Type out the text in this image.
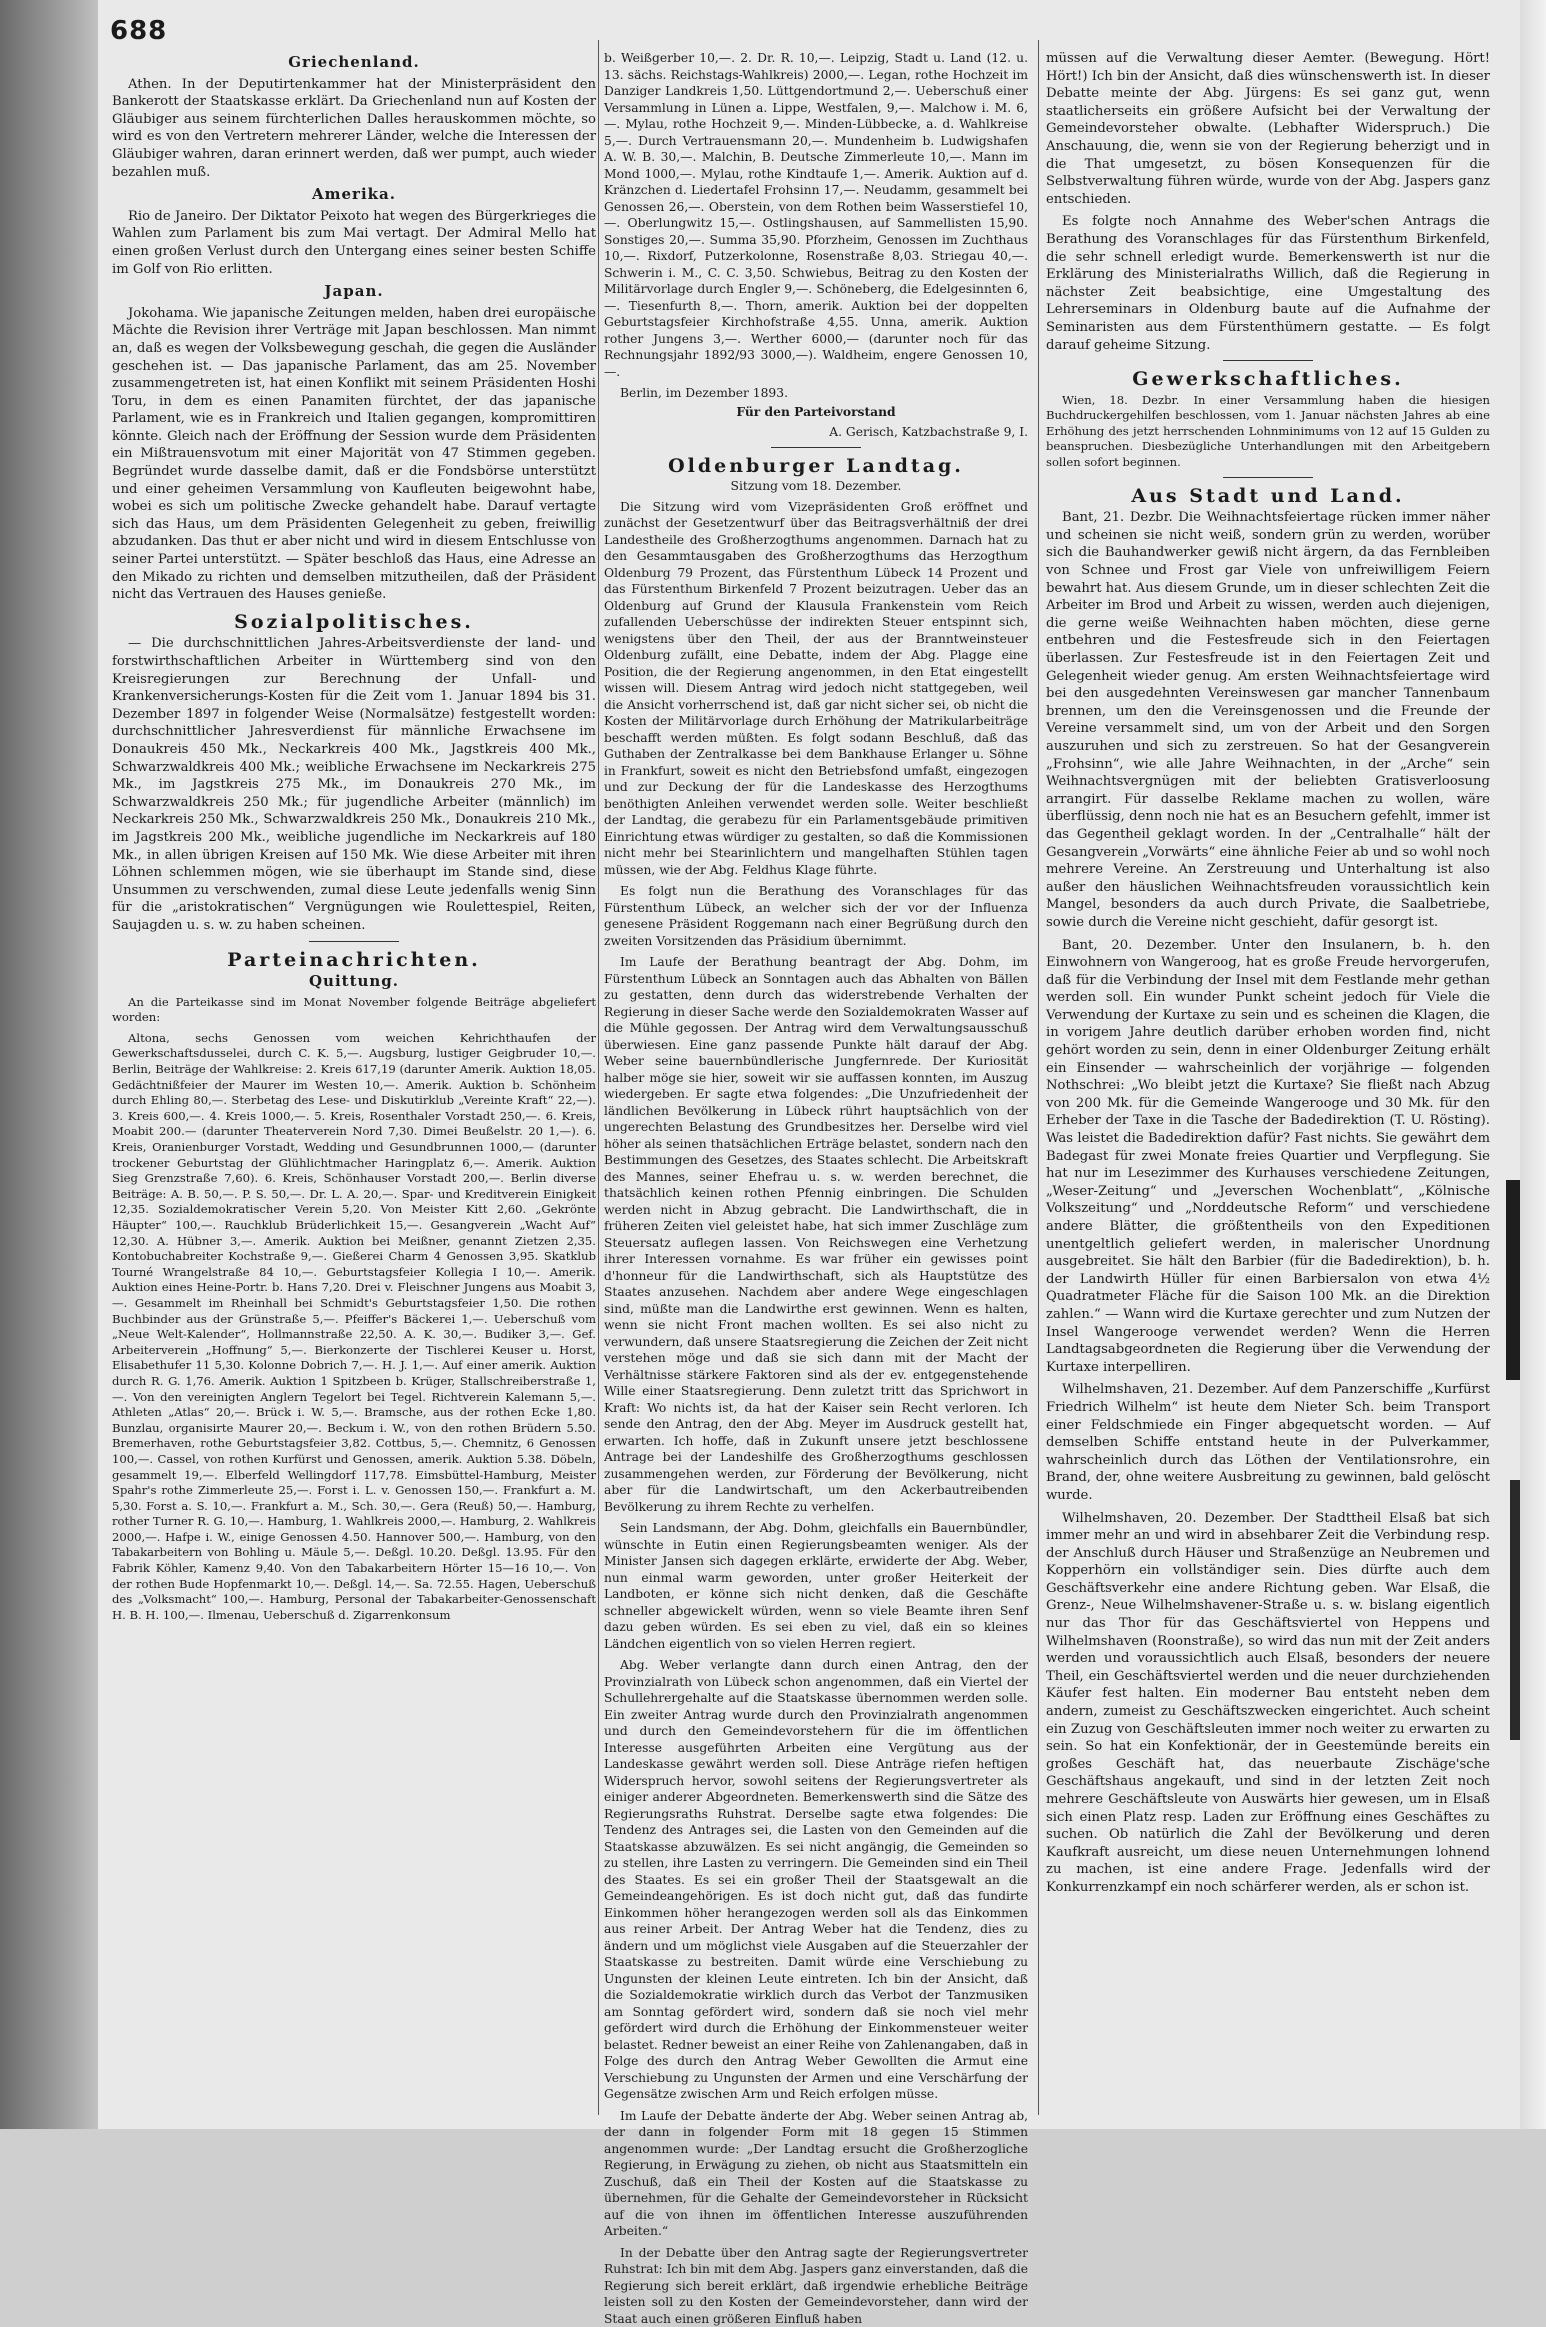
688
Griechenland.

Athen. In der Deputirtenkammer hat der Ministerpräsident den Bankerott der Staatskasse erklärt. Da Griechenland nun auf Kosten der Gläubiger aus seinem fürchterlichen Dalles herauskommen möchte, so wird es von den Vertretern mehrerer Länder, welche die Interessen der Gläubiger wahren, daran erinnert werden, daß wer pumpt, auch wieder bezahlen muß.

Amerika.

Rio de Janeiro. Der Diktator Peixoto hat wegen des Bürgerkrieges die Wahlen zum Parlament bis zum Mai vertagt. Der Admiral Mello hat einen großen Verlust durch den Untergang eines seiner besten Schiffe im Golf von Rio erlitten.

Japan.

Jokohama. Wie japanische Zeitungen melden, haben drei europäische Mächte die Revision ihrer Verträge mit Japan beschlossen. Man nimmt an, daß es wegen der Volksbewegung geschah, die gegen die Ausländer geschehen ist. — Das japanische Parlament, das am 25. November zusammengetreten ist, hat einen Konflikt mit seinem Präsidenten Hoshi Toru, in dem es einen Panamiten fürchtet, der das japanische Parlament, wie es in Frankreich und Italien gegangen, kompromittiren könnte. Gleich nach der Eröffnung der Session wurde dem Präsidenten ein Mißtrauensvotum mit einer Majorität von 47 Stimmen gegeben. Begründet wurde dasselbe damit, daß er die Fondsbörse unterstützt und einer geheimen Versammlung von Kaufleuten beigewohnt habe, wobei es sich um politische Zwecke gehandelt habe. Darauf vertagte sich das Haus, um dem Präsidenten Gelegenheit zu geben, freiwillig abzudanken. Das thut er aber nicht und wird in diesem Entschlusse von seiner Partei unterstützt. — Später beschloß das Haus, eine Adresse an den Mikado zu richten und demselben mitzutheilen, daß der Präsident nicht das Vertrauen des Hauses genieße.

Sozialpolitisches.

— Die durchschnittlichen Jahres-Arbeitsverdienste der land- und forstwirthschaftlichen Arbeiter in Württemberg sind von den Kreisregierungen zur Berechnung der Unfall- und Krankenversicherungs-Kosten für die Zeit vom 1. Januar 1894 bis 31. Dezember 1897 in folgender Weise (Normalsätze) festgestellt worden: durchschnittlicher Jahresverdienst für männliche Erwachsene im Donaukreis 450 Mk., Neckarkreis 400 Mk., Jagstkreis 400 Mk., Schwarzwaldkreis 400 Mk.; weibliche Erwachsene im Neckarkreis 275 Mk., im Jagstkreis 275 Mk., im Donaukreis 270 Mk., im Schwarzwaldkreis 250 Mk.; für jugendliche Arbeiter (männlich) im Neckarkreis 250 Mk., Schwarzwaldkreis 250 Mk., Donaukreis 210 Mk., im Jagstkreis 200 Mk., weibliche jugendliche im Neckarkreis auf 180 Mk., in allen übrigen Kreisen auf 150 Mk. Wie diese Arbeiter mit ihren Löhnen schlemmen mögen, wie sie überhaupt im Stande sind, diese Unsummen zu verschwenden, zumal diese Leute jedenfalls wenig Sinn für die „aristokratischen“ Vergnügungen wie Roulettespiel, Reiten, Saujagden u. s. w. zu haben scheinen.

Parteinachrichten.
Quittung.

An die Parteikasse sind im Monat November folgende Beiträge abgeliefert worden:

Altona, sechs Genossen vom weichen Kehrichthaufen der Gewerkschaftsdusselei, durch C. K. 5,—. Augsburg, lustiger Geigbruder 10,—. Berlin, Beiträge der Wahlkreise: 2. Kreis 617,19 (darunter Amerik. Auktion 18,05. Gedächtnißfeier der Maurer im Westen 10,—. Amerik. Auktion b. Schönheim durch Ehling 80,—. Sterbetag des Lese- und Diskutirklub „Vereinte Kraft“ 22,—). 3. Kreis 600,—. 4. Kreis 1000,—. 5. Kreis, Rosenthaler Vorstadt 250,—. 6. Kreis, Moabit 200.— (darunter Theaterverein Nord 7,30. Dimei Beußelstr. 20 1,—). 6. Kreis, Oranienburger Vorstadt, Wedding und Gesundbrunnen 1000,— (darunter trockener Geburtstag der Glühlichtmacher Haringplatz 6,—. Amerik. Auktion Sieg Grenzstraße 7,60). 6. Kreis, Schönhauser Vorstadt 200,—. Berlin diverse Beiträge: A. B. 50,—. P. S. 50,—. Dr. L. A. 20,—. Spar- und Kreditverein Einigkeit 12,35. Sozialdemokratischer Verein 5,20. Von Meister Kitt 2,60. „Gekrönte Häupter“ 100,—. Rauchklub Brüderlichkeit 15,—. Gesangverein „Wacht Auf“ 12,30. A. Hübner 3,—. Amerik. Auktion bei Meißner, genannt Zietzen 2,35. Kontobuchabreiter Kochstraße 9,—. Gießerei Charm 4 Genossen 3,95. Skatklub Tourné Wrangelstraße 84 10,—. Geburtstagsfeier Kollegia I 10,—. Amerik. Auktion eines Heine-Portr. b. Hans 7,20. Drei v. Fleischner Jungens aus Moabit 3,—. Gesammelt im Rheinhall bei Schmidt's Geburtstagsfeier 1,50. Die rothen Buchbinder aus der Grünstraße 5,—. Pfeiffer's Bäckerei 1,—. Ueberschuß vom „Neue Welt-Kalender“, Hollmannstraße 22,50. A. K. 30,—. Budiker 3,—. Gef. Arbeiterverein „Hoffnung“ 5,—. Bierkonzerte der Tischlerei Keuser u. Horst, Elisabethufer 11 5,30. Kolonne Dobrich 7,—. H. J. 1,—. Auf einer amerik. Auktion durch R. G. 1,76. Amerik. Auktion 1 Spitzbeen b. Krüger, Stallschreiberstraße 1,—. Von den vereinigten Anglern Tegelort bei Tegel. Richtverein Kalemann 5,—. Athleten „Atlas“ 20,—. Brück i. W. 5,—. Bramsche, aus der rothen Ecke 1,80. Bunzlau, organisirte Maurer 20,—. Beckum i. W., von den rothen Brüdern 5.50. Bremerhaven, rothe Geburtstagsfeier 3,82. Cottbus, 5,—. Chemnitz, 6 Genossen 100,—. Cassel, von rothen Kurfürst und Genossen, amerik. Auktion 5.38. Döbeln, gesammelt 19,—. Elberfeld Wellingdorf 117,78. Eimsbüttel-Hamburg, Meister Spahr's rothe Zimmerleute 25,—. Forst i. L. v. Genossen 150,—. Frankfurt a. M. 5,30. Forst a. S. 10,—. Frankfurt a. M., Sch. 30,—. Gera (Reuß) 50,—. Hamburg, rother Turner R. G. 10,—. Hamburg, 1. Wahlkreis 2000,—. Hamburg, 2. Wahlkreis 2000,—. Hafpe i. W., einige Genossen 4.50. Hannover 500,—. Hamburg, von den Tabakarbeitern von Bohling u. Mäule 5,—. Deßgl. 10.20. Deßgl. 13.95. Für den Fabrik Köhler, Kamenz 9,40. Von den Tabakarbeitern Hörter 15—16 10,—. Von der rothen Bude Hopfenmarkt 10,—. Deßgl. 14,—. Sa. 72.55. Hagen, Ueberschuß des „Volksmacht“ 100,—. Hamburg, Personal der Tabakarbeiter-Genossenschaft H. B. H. 100,—. Ilmenau, Ueberschuß d. Zigarrenkonsum

b. Weißgerber 10,—. 2. Dr. R. 10,—. Leipzig, Stadt u. Land (12. u. 13. sächs. Reichstags-Wahlkreis) 2000,—. Legan, rothe Hochzeit im Danziger Landkreis 1,50. Lüttgendortmund 2,—. Ueberschuß einer Versammlung in Lünen a. Lippe, Westfalen, 9,—. Malchow i. M. 6,—. Mylau, rothe Hochzeit 9,—. Minden-Lübbecke, a. d. Wahlkreise 5,—. Durch Vertrauensmann 20,—. Mundenheim b. Ludwigshafen A. W. B. 30,—. Malchin, B. Deutsche Zimmerleute 10,—. Mann im Mond 1000,—. Mylau, rothe Kindtaufe 1,—. Amerik. Auktion auf d. Kränzchen d. Liedertafel Frohsinn 17,—. Neudamm, gesammelt bei Genossen 26,—. Oberstein, von dem Rothen beim Wasserstiefel 10,—. Oberlungwitz 15,—. Ostlingshausen, auf Sammellisten 15,90. Sonstiges 20,—. Summa 35,90. Pforzheim, Genossen im Zuchthaus 10,—. Rixdorf, Putzerkolonne, Rosenstraße 8,03. Striegau 40,—. Schwerin i. M., C. C. 3,50. Schwiebus, Beitrag zu den Kosten der Militärvorlage durch Engler 9,—. Schöneberg, die Edelgesinnten 6,—. Tiesenfurth 8,—. Thorn, amerik. Auktion bei der doppelten Geburtstagsfeier Kirchhofstraße 4,55. Unna, amerik. Auktion rother Jungens 3,—. Werther 6000,— (darunter noch für das Rechnungsjahr 1892/93 3000,—). Waldheim, engere Genossen 10,—.

Berlin, im Dezember 1893.
Für den Parteivorstand
A. Gerisch, Katzbachstraße 9, I.
Oldenburger Landtag.
Sitzung vom 18. Dezember.

Die Sitzung wird vom Vizepräsidenten Groß eröffnet und zunächst der Gesetzentwurf über das Beitragsverhältniß der drei Landestheile des Großherzogthums angenommen. Darnach hat zu den Gesammtausgaben des Großherzogthums das Herzogthum Oldenburg 79 Prozent, das Fürstenthum Lübeck 14 Prozent und das Fürstenthum Birkenfeld 7 Prozent beizutragen. Ueber das an Oldenburg auf Grund der Klausula Frankenstein vom Reich zufallenden Ueberschüsse der indirekten Steuer entspinnt sich, wenigstens über den Theil, der aus der Branntweinsteuer Oldenburg zufällt, eine Debatte, indem der Abg. Plagge eine Position, die der Regierung angenommen, in den Etat eingestellt wissen will. Diesem Antrag wird jedoch nicht stattgegeben, weil die Ansicht vorherrschend ist, daß gar nicht sicher sei, ob nicht die Kosten der Militärvorlage durch Erhöhung der Matrikularbeiträge beschafft werden müßten. Es folgt sodann Beschluß, daß das Guthaben der Zentralkasse bei dem Bankhause Erlanger u. Söhne in Frankfurt, soweit es nicht den Betriebsfond umfaßt, eingezogen und zur Deckung der für die Landeskasse des Herzogthums benöthigten Anleihen verwendet werden solle. Weiter beschließt der Landtag, die gerabezu für ein Parlamentsgebäude primitiven Einrichtung etwas würdiger zu gestalten, so daß die Kommissionen nicht mehr bei Stearinlichtern und mangelhaften Stühlen tagen müssen, wie der Abg. Feldhus Klage führte.

Es folgt nun die Berathung des Voranschlages für das Fürstenthum Lübeck, an welcher sich der vor der Influenza genesene Präsident Roggemann nach einer Begrüßung durch den zweiten Vorsitzenden das Präsidium übernimmt.

Im Laufe der Berathung beantragt der Abg. Dohm, im Fürstenthum Lübeck an Sonntagen auch das Abhalten von Bällen zu gestatten, denn durch das widerstrebende Verhalten der Regierung in dieser Sache werde den Sozialdemokraten Wasser auf die Mühle gegossen. Der Antrag wird dem Verwaltungsausschuß überwiesen. Eine ganz passende Punkte hält darauf der Abg. Weber seine bauernbündlerische Jungfernrede. Der Kuriosität halber möge sie hier, soweit wir sie auffassen konnten, im Auszug wiedergeben. Er sagte etwa folgendes: „Die Unzufriedenheit der ländlichen Bevölkerung in Lübeck rührt hauptsächlich von der ungerechten Belastung des Grundbesitzes her. Derselbe wird viel höher als seinen thatsächlichen Erträge belastet, sondern nach den Bestimmungen des Gesetzes, des Staates schlecht. Die Arbeitskraft des Mannes, seiner Ehefrau u. s. w. werden berechnet, die thatsächlich keinen rothen Pfennig einbringen. Die Schulden werden nicht in Abzug gebracht. Die Landwirthschaft, die in früheren Zeiten viel geleistet habe, hat sich immer Zuschläge zum Steuersatz auflegen lassen. Von Reichswegen eine Verhetzung ihrer Interessen vornahme. Es war früher ein gewisses point d'honneur für die Landwirthschaft, sich als Hauptstütze des Staates anzusehen. Nachdem aber andere Wege eingeschlagen sind, müßte man die Landwirthe erst gewinnen. Wenn es halten, wenn sie nicht Front machen wollten. Es sei also nicht zu verwundern, daß unsere Staatsregierung die Zeichen der Zeit nicht verstehen möge und daß sie sich dann mit der Macht der Verhältnisse stärkere Faktoren sind als der ev. entgegenstehende Wille einer Staatsregierung. Denn zuletzt tritt das Sprichwort in Kraft: Wo nichts ist, da hat der Kaiser sein Recht verloren. Ich sende den Antrag, den der Abg. Meyer im Ausdruck gestellt hat, erwarten. Ich hoffe, daß in Zukunft unsere jetzt beschlossene Antrage bei der Landeshilfe des Großherzogthums geschlossen zusammengehen werden, zur Förderung der Bevölkerung, nicht aber für die Landwirtschaft, um den Ackerbautreibenden Bevölkerung zu ihrem Rechte zu verhelfen.

Sein Landsmann, der Abg. Dohm, gleichfalls ein Bauernbündler, wünschte in Eutin einen Regierungsbeamten weniger. Als der Minister Jansen sich dagegen erklärte, erwiderte der Abg. Weber, nun einmal warm geworden, unter großer Heiterkeit der Landboten, er könne sich nicht denken, daß die Geschäfte schneller abgewickelt würden, wenn so viele Beamte ihren Senf dazu geben würden. Es sei eben zu viel, daß ein so kleines Ländchen eigentlich von so vielen Herren regiert.

Abg. Weber verlangte dann durch einen Antrag, den der Provinzialrath von Lübeck schon angenommen, daß ein Viertel der Schullehrergehalte auf die Staatskasse übernommen werden solle. Ein zweiter Antrag wurde durch den Provinzialrath angenommen und durch den Gemeindevorstehern für die im öffentlichen Interesse ausgeführten Arbeiten eine Vergütung aus der Landeskasse gewährt werden soll. Diese Anträge riefen heftigen Widerspruch hervor, sowohl seitens der Regierungsvertreter als einiger anderer Abgeordneten. Bemerkenswerth sind die Sätze des Regierungsraths Ruhstrat. Derselbe sagte etwa folgendes: Die Tendenz des Antrages sei, die Lasten von den Gemeinden auf die Staatskasse abzuwälzen. Es sei nicht angängig, die Gemeinden so zu stellen, ihre Lasten zu verringern. Die Gemeinden sind ein Theil des Staates. Es sei ein großer Theil der Staatsgewalt an die Gemeindeangehörigen. Es ist doch nicht gut, daß das fundirte Einkommen höher herangezogen werden soll als das Einkommen aus reiner Arbeit. Der Antrag Weber hat die Tendenz, dies zu ändern und um möglichst viele Ausgaben auf die Steuerzahler der Staatskasse zu bestreiten. Damit würde eine Verschiebung zu Ungunsten der kleinen Leute eintreten. Ich bin der Ansicht, daß die Sozialdemokratie wirklich durch das Verbot der Tanzmusiken am Sonntag gefördert wird, sondern daß sie noch viel mehr gefördert wird durch die Erhöhung der Einkommensteuer weiter belastet. Redner beweist an einer Reihe von Zahlenangaben, daß in Folge des durch den Antrag Weber Gewollten die Armut eine Verschiebung zu Ungunsten der Armen und eine Verschärfung der Gegensätze zwischen Arm und Reich erfolgen müsse.

Im Laufe der Debatte änderte der Abg. Weber seinen Antrag ab, der dann in folgender Form mit 18 gegen 15 Stimmen angenommen wurde: „Der Landtag ersucht die Großherzogliche Regierung, in Erwägung zu ziehen, ob nicht aus Staatsmitteln ein Zuschuß, daß ein Theil der Kosten auf die Staatskasse zu übernehmen, für die Gehalte der Gemeindevorsteher in Rücksicht auf die von ihnen im öffentlichen Interesse auszuführenden Arbeiten.“

In der Debatte über den Antrag sagte der Regierungsvertreter Ruhstrat: Ich bin mit dem Abg. Jaspers ganz einverstanden, daß die Regierung sich bereit erklärt, daß irgendwie erhebliche Beiträge leisten soll zu den Kosten der Gemeindevorsteher, dann wird der Staat auch einen größeren Einfluß haben

müssen auf die Verwaltung dieser Aemter. (Bewegung. Hört! Hört!) Ich bin der Ansicht, daß dies wünschenswerth ist. In dieser Debatte meinte der Abg. Jürgens: Es sei ganz gut, wenn staatlicherseits ein größere Aufsicht bei der Verwaltung der Gemeindevorsteher obwalte. (Lebhafter Widerspruch.) Die Anschauung, die, wenn sie von der Regierung beherzigt und in die That umgesetzt, zu bösen Konsequenzen für die Selbstverwaltung führen würde, wurde von der Abg. Jaspers ganz entschieden.

Es folgte noch Annahme des Weber'schen Antrags die Berathung des Voranschlages für das Fürstenthum Birkenfeld, die sehr schnell erledigt wurde. Bemerkenswerth ist nur die Erklärung des Ministerialraths Willich, daß die Regierung in nächster Zeit beabsichtige, eine Umgestaltung des Lehrerseminars in Oldenburg baute auf die Aufnahme der Seminaristen aus dem Fürstenthümern gestatte. — Es folgt darauf geheime Sitzung.

Gewerkschaftliches.

Wien, 18. Dezbr. In einer Versammlung haben die hiesigen Buchdruckergehilfen beschlossen, vom 1. Januar nächsten Jahres ab eine Erhöhung des jetzt herrschenden Lohnminimums von 12 auf 15 Gulden zu beanspruchen. Diesbezügliche Unterhandlungen mit den Arbeitgebern sollen sofort beginnen.

Aus Stadt und Land.

Bant, 21. Dezbr. Die Weihnachtsfeiertage rücken immer näher und scheinen sie nicht weiß, sondern grün zu werden, worüber sich die Bauhandwerker gewiß nicht ärgern, da das Fernbleiben von Schnee und Frost gar Viele von unfreiwilligem Feiern bewahrt hat. Aus diesem Grunde, um in dieser schlechten Zeit die Arbeiter im Brod und Arbeit zu wissen, werden auch diejenigen, die gerne weiße Weihnachten haben möchten, diese gerne entbehren und die Festesfreude sich in den Feiertagen überlassen. Zur Festesfreude ist in den Feiertagen Zeit und Gelegenheit wieder genug. Am ersten Weihnachtsfeiertage wird bei den ausgedehnten Vereinswesen gar mancher Tannenbaum brennen, um den die Vereinsgenossen und die Freunde der Vereine versammelt sind, um von der Arbeit und den Sorgen auszuruhen und sich zu zerstreuen. So hat der Gesangverein „Frohsinn“, wie alle Jahre Weihnachten, in der „Arche“ sein Weihnachtsvergnügen mit der beliebten Gratisverloosung arrangirt. Für dasselbe Reklame machen zu wollen, wäre überflüssig, denn noch nie hat es an Besuchern gefehlt, immer ist das Gegentheil geklagt worden. In der „Centralhalle“ hält der Gesangverein „Vorwärts“ eine ähnliche Feier ab und so wohl noch mehrere Vereine. An Zerstreuung und Unterhaltung ist also außer den häuslichen Weihnachtsfreuden voraussichtlich kein Mangel, besonders da auch durch Private, die Saalbetriebe, sowie durch die Vereine nicht geschieht, dafür gesorgt ist.

Bant, 20. Dezember. Unter den Insulanern, b. h. den Einwohnern von Wangeroog, hat es große Freude hervorgerufen, daß für die Verbindung der Insel mit dem Festlande mehr gethan werden soll. Ein wunder Punkt scheint jedoch für Viele die Verwendung der Kurtaxe zu sein und es scheinen die Klagen, die in vorigem Jahre deutlich darüber erhoben worden find, nicht gehört worden zu sein, denn in einer Oldenburger Zeitung erhält ein Einsender — wahrscheinlich der vorjährige — folgenden Nothschrei: „Wo bleibt jetzt die Kurtaxe? Sie fließt nach Abzug von 200 Mk. für die Gemeinde Wangerooge und 30 Mk. für den Erheber der Taxe in die Tasche der Badedirektion (T. U. Rösting). Was leistet die Badedirektion dafür? Fast nichts. Sie gewährt dem Badegast für zwei Monate freies Quartier und Verpflegung. Sie hat nur im Lesezimmer des Kurhauses verschiedene Zeitungen, „Weser-Zeitung“ und „Jeverschen Wochenblatt“, „Kölnische Volkszeitung“ und „Norddeutsche Reform“ und verschiedene andere Blätter, die größtentheils von den Expeditionen unentgeltlich geliefert werden, in malerischer Unordnung ausgebreitet. Sie hält den Barbier (für die Badedirektion), b. h. der Landwirth Hüller für einen Barbiersalon von etwa 4½ Quadratmeter Fläche für die Saison 100 Mk. an die Direktion zahlen.“ — Wann wird die Kurtaxe gerechter und zum Nutzen der Insel Wangerooge verwendet werden? Wenn die Herren Landtagsabgeordneten die Regierung über die Verwendung der Kurtaxe interpelliren.

Wilhelmshaven, 21. Dezember. Auf dem Panzerschiffe „Kurfürst Friedrich Wilhelm“ ist heute dem Nieter Sch. beim Transport einer Feldschmiede ein Finger abgequetscht worden. — Auf demselben Schiffe entstand heute in der Pulverkammer, wahrscheinlich durch das Löthen der Ventilationsrohre, ein Brand, der, ohne weitere Ausbreitung zu gewinnen, bald gelöscht wurde.

Wilhelmshaven, 20. Dezember. Der Stadttheil Elsaß bat sich immer mehr an und wird in absehbarer Zeit die Verbindung resp. der Anschluß durch Häuser und Straßenzüge an Neubremen und Kopperhörn ein vollständiger sein. Dies dürfte auch dem Geschäftsverkehr eine andere Richtung geben. War Elsaß, die Grenz-, Neue Wilhelmshavener-Straße u. s. w. bislang eigentlich nur das Thor für das Geschäftsviertel von Heppens und Wilhelmshaven (Roonstraße), so wird das nun mit der Zeit anders werden und voraussichtlich auch Elsaß, besonders der neuere Theil, ein Geschäftsviertel werden und die neuer durchziehenden Käufer fest halten. Ein moderner Bau entsteht neben dem andern, zumeist zu Geschäftszwecken eingerichtet. Auch scheint ein Zuzug von Geschäftsleuten immer noch weiter zu erwarten zu sein. So hat ein Konfektionär, der in Geestemünde bereits ein großes Geschäft hat, das neuerbaute Zischäge'sche Geschäftshaus angekauft, und sind in der letzten Zeit noch mehrere Geschäftsleute von Auswärts hier gewesen, um in Elsaß sich einen Platz resp. Laden zur Eröffnung eines Geschäftes zu suchen. Ob natürlich die Zahl der Bevölkerung und deren Kaufkraft ausreicht, um diese neuen Unternehmungen lohnend zu machen, ist eine andere Frage. Jedenfalls wird der Konkurrenzkampf ein noch schärferer werden, als er schon ist.
